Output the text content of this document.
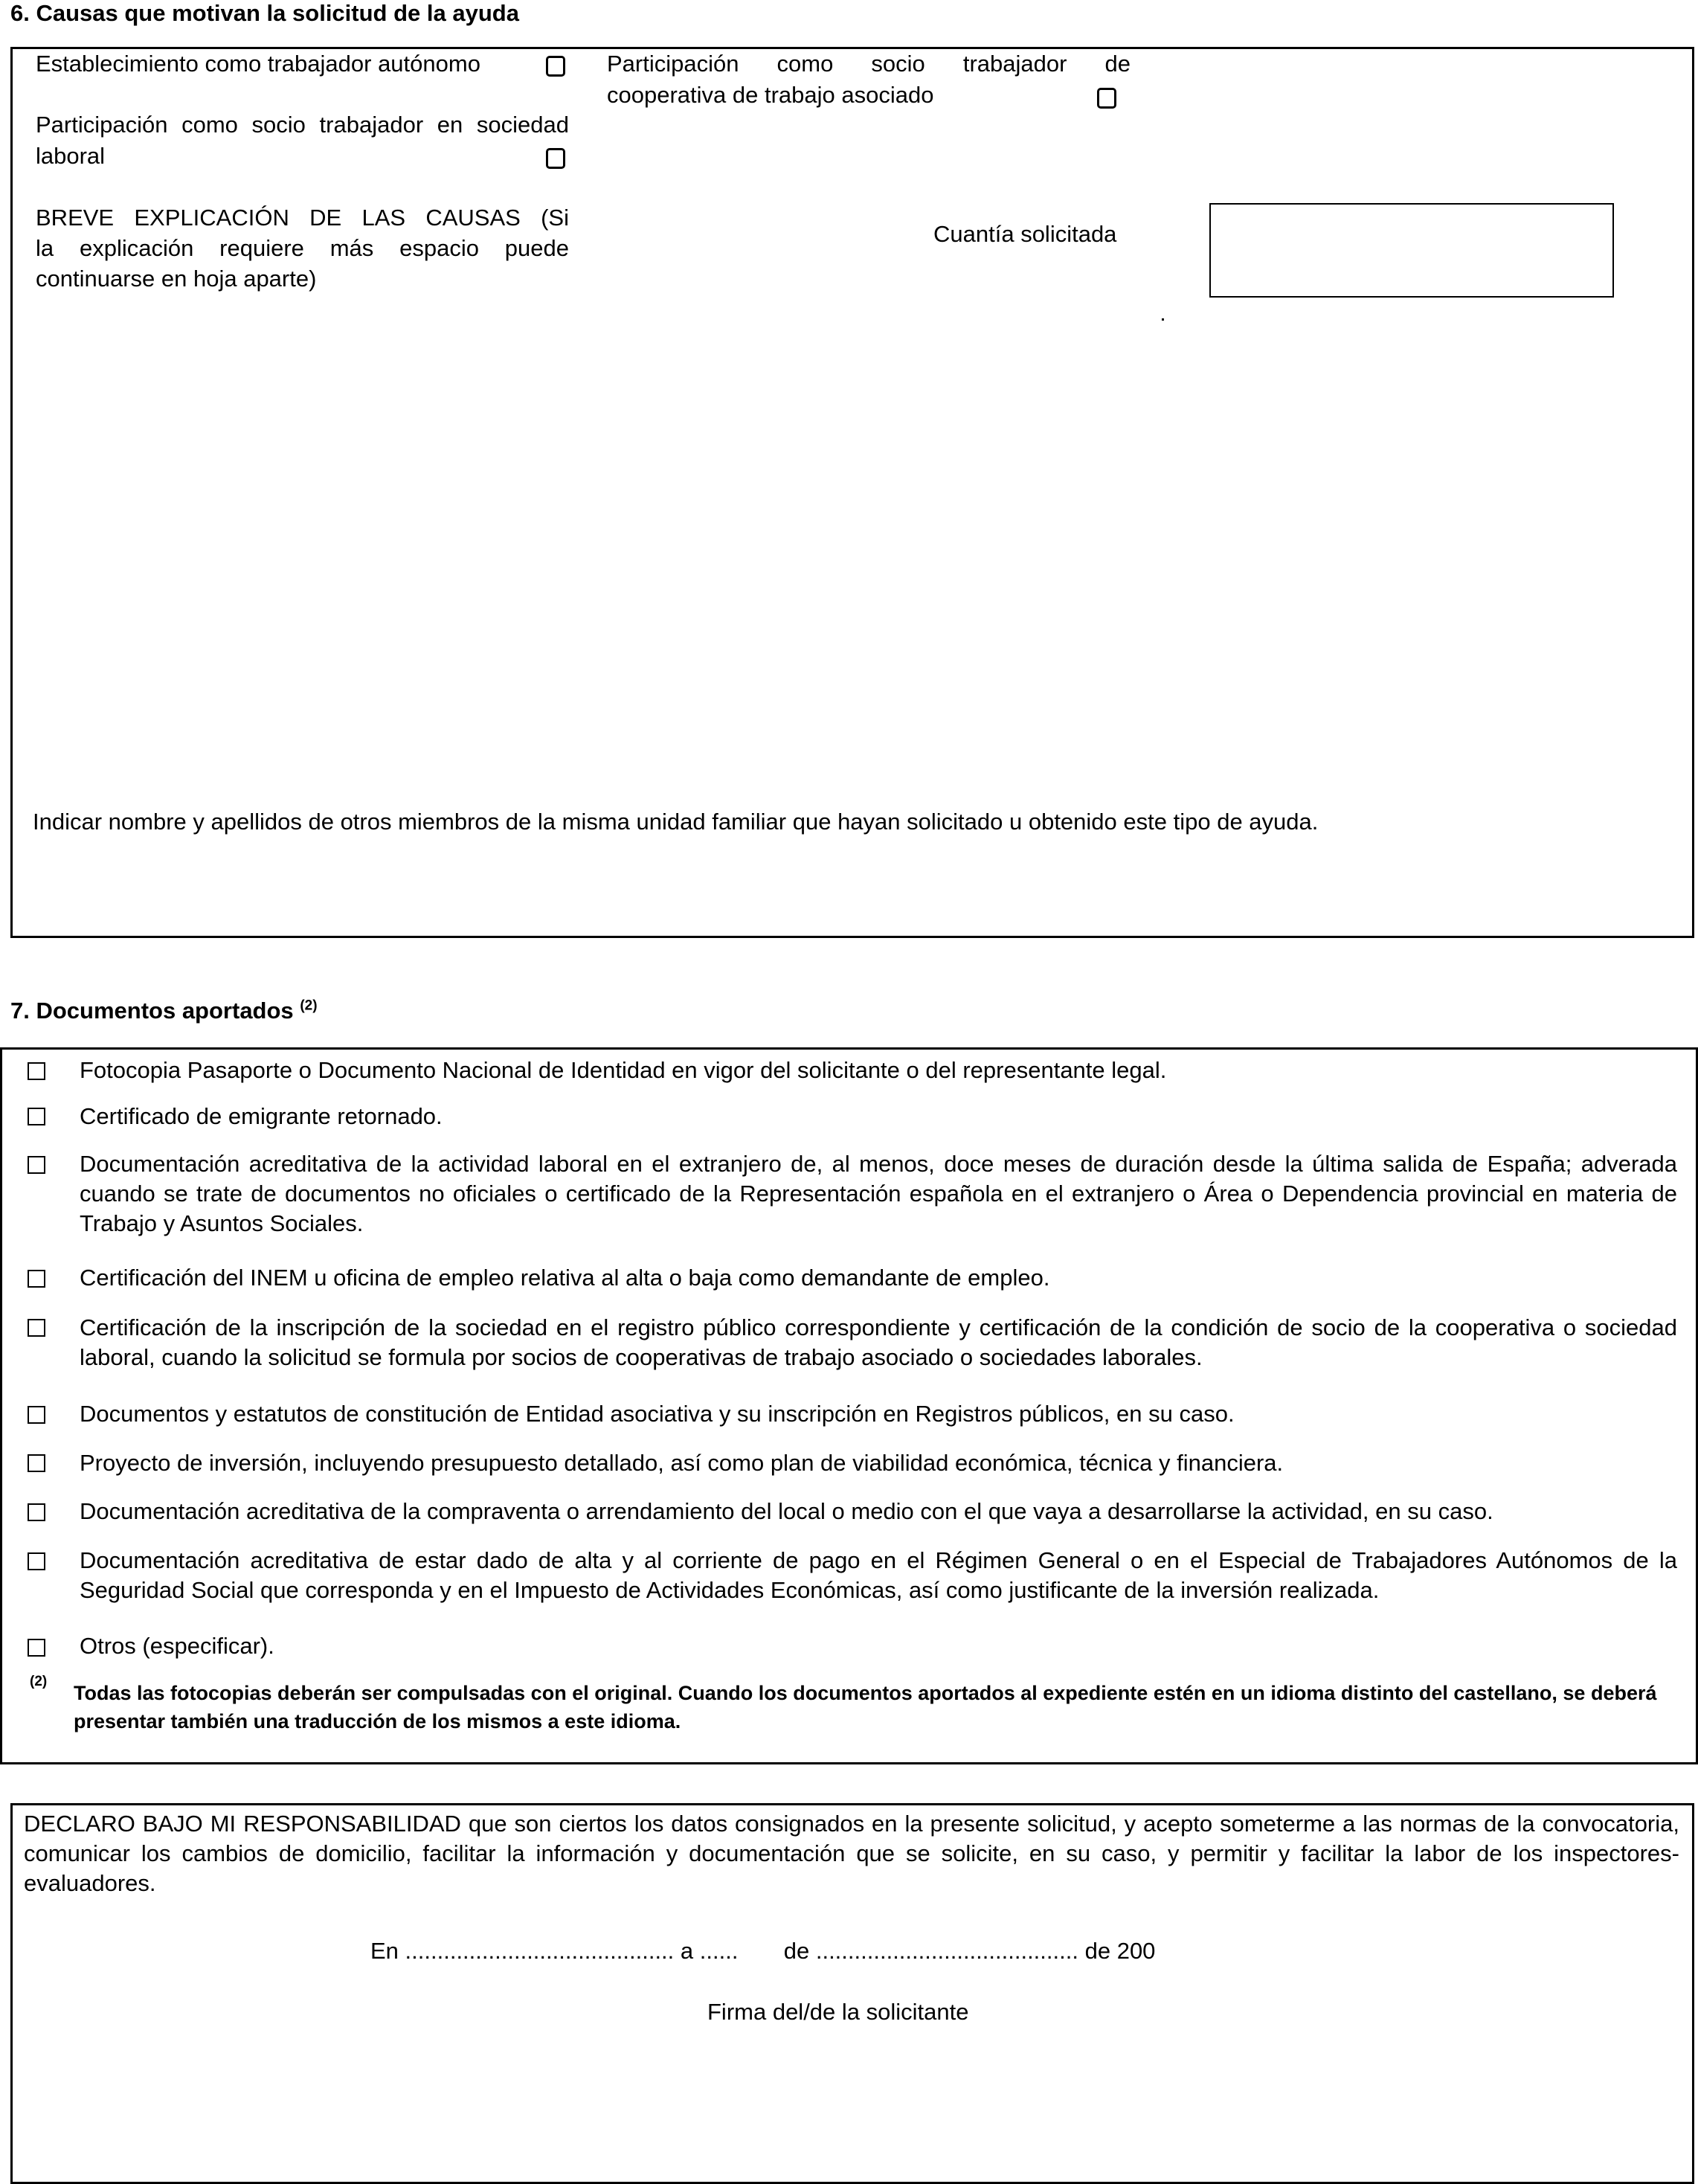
6. Causas que motivan la solicitud de la ayuda
Establecimiento como trabajador autónomo	Participación como socio trabajador de
cooperativa de trabajo asociado
Participación como socio trabajador en sociedad
laboral
BREVE EXPLICACIÓN DE LAS CAUSAS (Si
la explicación requiere más espacio puede
continuarse en hoja aparte)
Cuantía solicitada
Indicar nombre y apellidos de otros miembros de la misma unidad familiar que hayan solicitado u obtenido este tipo de ayuda.
7. Documentos aportados $^{(2)}$
Fotocopia Pasaporte o Documento Nacional de Identidad en vigor del solicitante o del representante legal.
Certificado de emigrante retornado.
Documentación acreditativa de la actividad laboral en el extranjero de, al menos, doce meses de duración desde la última salida de España; adverada cuando se trate de documentos no oficiales o certificado de la Representación española en el extranjero o Área o Dependencia provincial en materia de Trabajo y Asuntos Sociales.
Certificación del INEM u oficina de empleo relativa al alta o baja como demandante de empleo.
Certificación de la inscripción de la sociedad en el registro público correspondiente y certificación de la condición de socio de la cooperativa o sociedad laboral, cuando la solicitud se formula por socios de cooperativas de trabajo asociado o sociedades laborales.
Documentos y estatutos de constitución de Entidad asociativa y su inscripción en Registros públicos, en su caso.
Proyecto de inversión, incluyendo presupuesto detallado, así como plan de viabilidad económica, técnica y financiera.
Documentación acreditativa de la compraventa o arrendamiento del local o medio con el que vaya a desarrollarse la actividad, en su caso.
Documentación acreditativa de estar dado de alta y al corriente de pago en el Régimen General o en el Especial de Trabajadores Autónomos de la Seguridad Social que corresponda y en el Impuesto de Actividades Económicas, así como justificante de la inversión realizada.
Otros (especificar).
(2)
Todas las fotocopias deberán ser compulsadas con el original. Cuando los documentos aportados al expediente estén en un idioma distinto del castellano, se deberá presentar también una traducción de los mismos a este idioma.
DECLARO BAJO MI RESPONSABILIDAD que son ciertos los datos consignados en la presente solicitud, y acepto someterme a las normas de la convocatoria, comunicar los cambios de domicilio, facilitar la información y documentación que se solicite, en su caso, y permitir y facilitar la labor de los inspectores-evaluadores.
En .......................................... a ...... de ......................................... de 200
Firma del/de la solicitante
